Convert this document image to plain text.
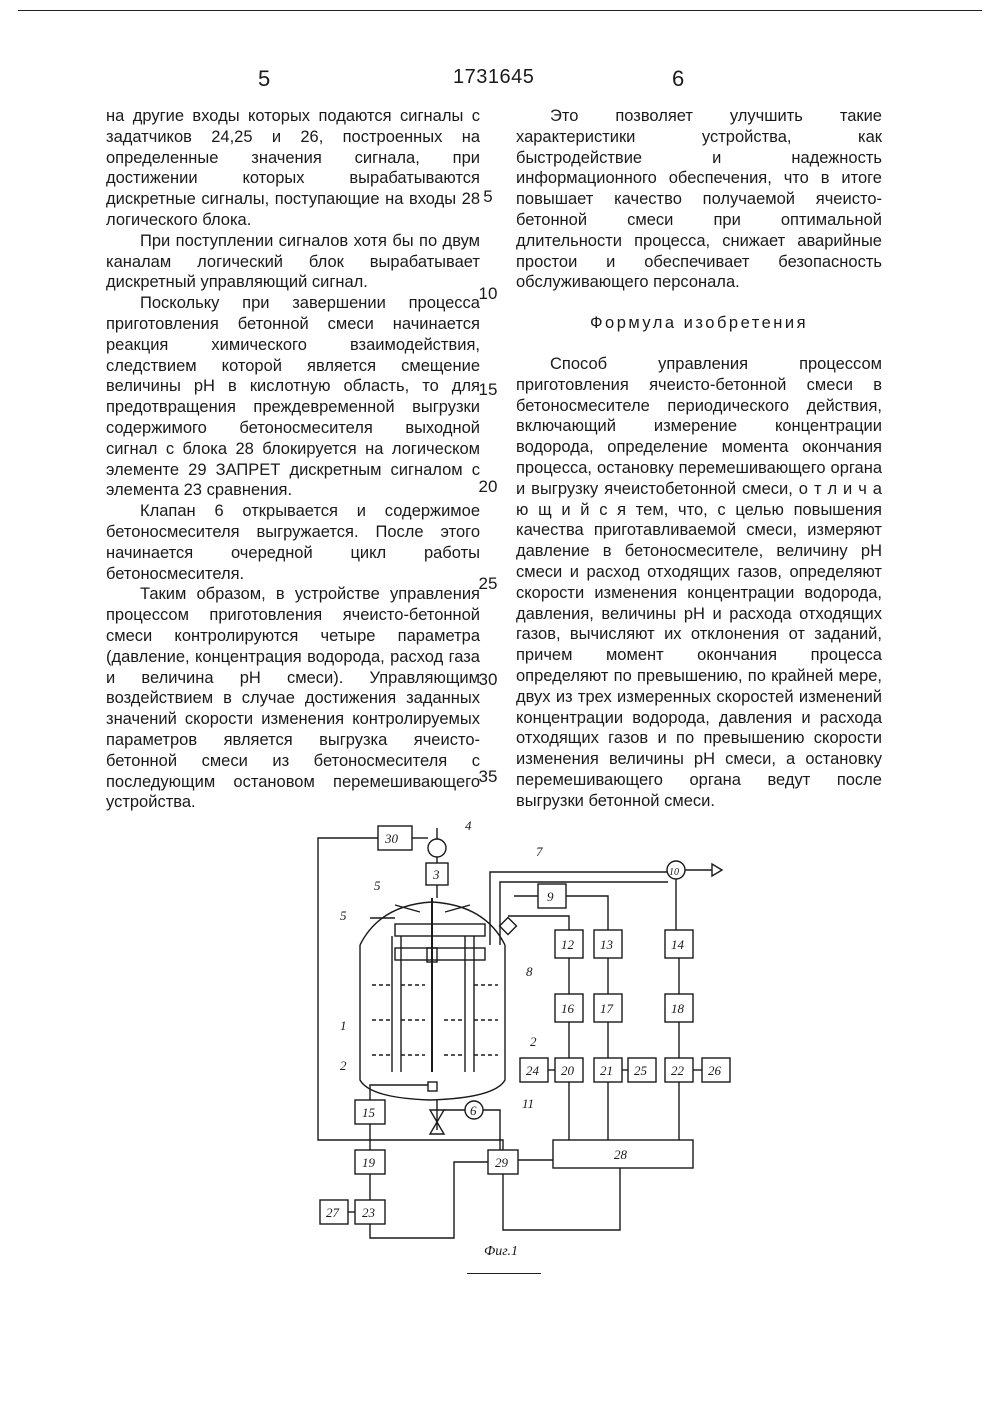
5	1731645	6

на другие входы которых подаются сигналы с задатчиков 24,25 и 26, построенных на определенные значения сигнала, при достижении которых вырабатываются дискретные сигналы, поступающие на входы 28 логического блока.

При поступлении сигналов хотя бы по двум каналам логический блок вырабатывает дискретный управляющий сигнал.

Поскольку при завершении процесса приготовления бетонной смеси начинается реакция химического взаимодействия, следствием которой является смещение величины pH в кислотную область, то для предотвращения преждевременной выгрузки содержимого бетоносмесителя выходной сигнал с блока 28 блокируется на логическом элементе 29 ЗАПРЕТ дискретным сигналом с элемента 23 сравнения.

Клапан 6 открывается и содержимое бетоносмесителя выгружается. После этого начинается очередной цикл работы бетоносмесителя.

Таким образом, в устройстве управления процессом приготовления ячеисто-бетонной смеси контролируются четыре параметра (давление, концентрация водорода, расход газа и величина pH смеси). Управляющим воздействием в случае достижения заданных значений скорости изменения контролируемых параметров является выгрузка ячеисто-бетонной смеси из бетоносмесителя с последующим остановом перемешивающего устройства.

Это позволяет улучшить такие характеристики устройства, как быстродействие и надежность информационного обеспечения, что в итоге повышает качество получаемой ячеисто-бетонной смеси при оптимальной длительности процесса, снижает аварийные простои и обеспечивает безопасность обслуживающего персонала.

Формула изобретения

Способ управления процессом приготовления ячеисто-бетонной смеси в бетоносмесителе периодического действия, включающий измерение концентрации водорода, определение момента окончания процесса, остановку перемешивающего органа и выгрузку ячеистобетонной смеси, о т л и ч а ю щ и й с я тем, что, с целью повышения качества приготавливаемой смеси, измеряют давление в бетоносмесителе, величину pH смеси и расход отходящих газов, определяют скорости изменения концентрации водорода, давления, величины pH и расхода отходящих газов, вычисляют их отклонения от заданий, причем момент окончания процесса определяют по превышению, по крайней мере, двух из трех измеренных скоростей изменений концентрации водорода, давления и расхода отходящих газов и по превышению скорости изменения величины pH смеси, а остановку перемешивающего органа ведут после выгрузки бетонной смеси.

5
10
15
20
25
30
35
30
3
4
7
10
9
5
5
8
12 13	14
16 17	18
1
2
2
24 20 21 25 22 26
11
6
15
28
19	29
27 23
Фиг.1
